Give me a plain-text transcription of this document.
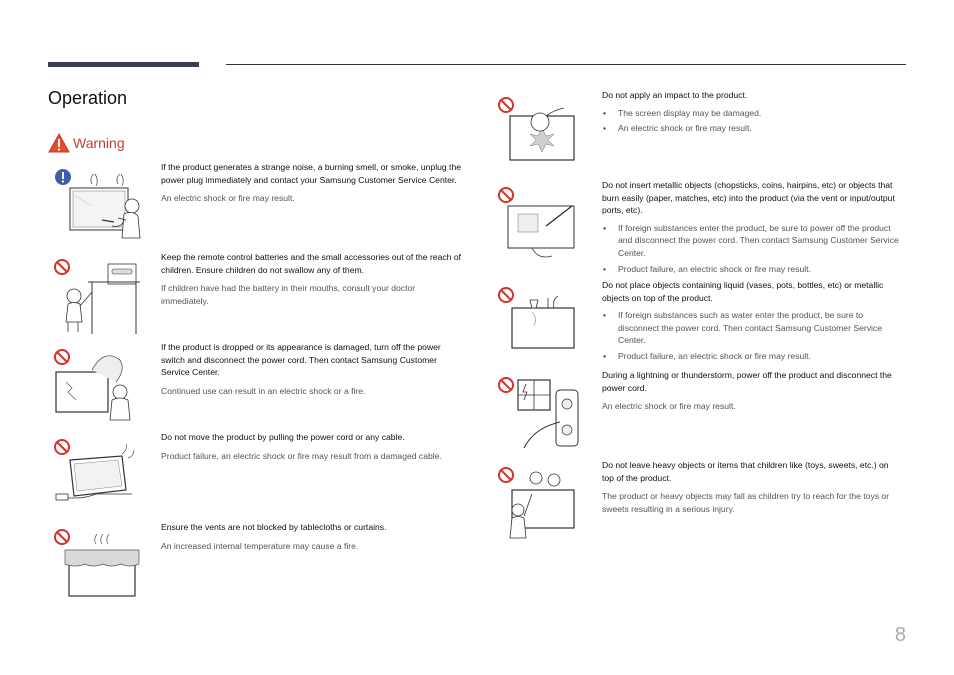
Operation
Warning

If the product generates a strange noise, a burning smell, or smoke, unplug the power plug immediately and contact your Samsung Customer Service Center.

An electric shock or fire may result.

Keep the remote control batteries and the small accessories out of the reach of children. Ensure children do not swallow any of them.

If children have had the battery in their mouths, consult your doctor immediately.

If the product is dropped or its appearance is damaged, turn off the power switch and disconnect the power cord. Then contact Samsung Customer Service Center.

Continued use can result in an electric shock or a fire.

Do not move the product by pulling the power cord or any cable.

Product failure, an electric shock or fire may result from a damaged cable.

Ensure the vents are not blocked by tablecloths or curtains.

An increased internal temperature may cause a fire.

Do not apply an impact to the product.

• The screen display may be damaged.
• An electric shock or fire may result.

Do not insert metallic objects (chopsticks, coins, hairpins, etc) or objects that burn easily (paper, matches, etc) into the product (via the vent or input/output ports, etc).

• If foreign substances enter the product, be sure to power off the product and disconnect the power cord. Then contact Samsung Customer Service Center.
• Product failure, an electric shock or fire may result.

Do not place objects containing liquid (vases, pots, bottles, etc) or metallic objects on top of the product.

• If foreign substances such as water enter the product, be sure to disconnect the power cord. Then contact Samsung Customer Service Center.
• Product failure, an electric shock or fire may result.

During a lightning or thunderstorm, power off the product and disconnect the power cord.

An electric shock or fire may result.

Do not leave heavy objects or items that children like (toys, sweets, etc.) on top of the product.

The product or heavy objects may fall as children try to reach for the toys or sweets resulting in a serious injury.

8
